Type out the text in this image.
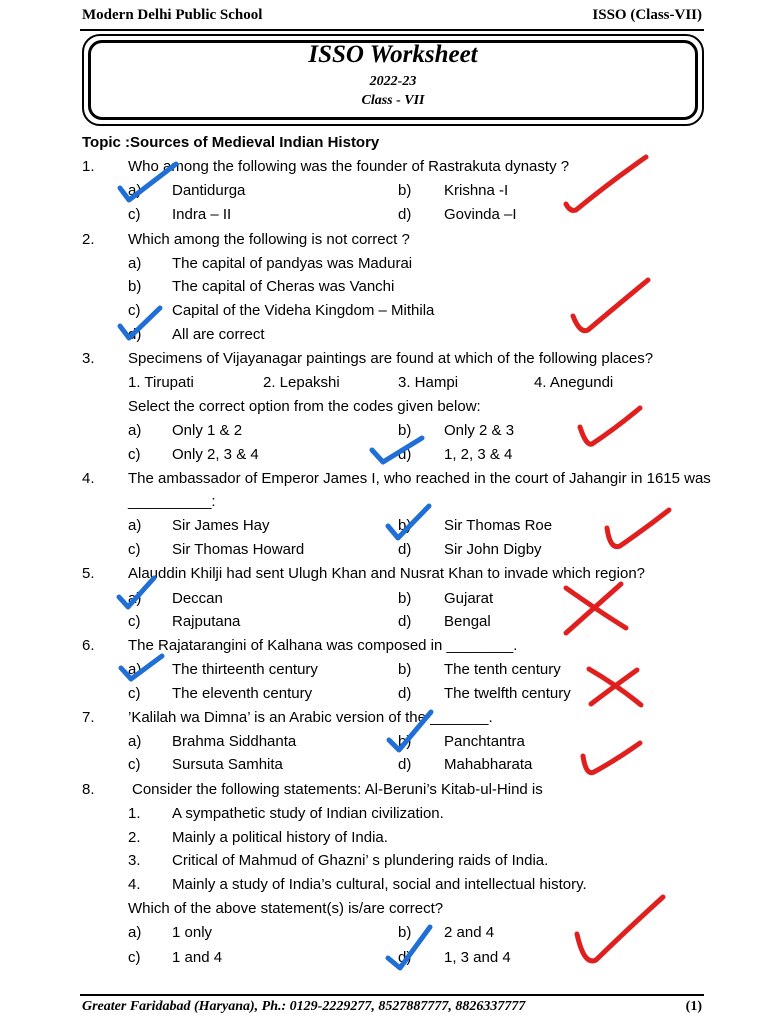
Modern Delhi Public School	ISSO (Class-VII)
ISSO Worksheet
2022-23
Class - VII
Topic :Sources of Medieval Indian History
1. Who among the following was the founder of Rastrakuta dynasty ?
a) Dantidurga	b) Krishna -I
c) Indra – II	d) Govinda –I
2. Which among the following is not correct ?
a) The capital of pandyas was Madurai
b) The capital of Cheras was Vanchi
c) Capital of the Videha Kingdom – Mithila
d) All are correct
3. Specimens of Vijayanagar paintings are found at which of the following places?
1. Tirupati	2. Lepakshi	3. Hampi	4. Anegundi
Select the correct option from the codes given below:
a) Only 1 & 2	b) Only 2 & 3
c) Only 2, 3 & 4	d) 1, 2, 3 & 4
4. The ambassador of Emperor James I, who reached in the court of Jahangir in 1615 was
__________:
a) Sir James Hay	b) Sir Thomas Roe
c) Sir Thomas Howard	d) Sir John Digby
5. Alauddin Khilji had sent Ulugh Khan and Nusrat Khan to invade which region?
a) Deccan	b) Gujarat
c) Rajputana	d) Bengal
6. The Rajatarangini of Kalhana was composed in ________.
a) The thirteenth century	b) The tenth century
c) The eleventh century	d) The twelfth century
7. ’Kalilah wa Dimna’ is an Arabic version of the _______.
a) Brahma Siddhanta	b) Panchtantra
c) Sursuta Samhita	d) Mahabharata
8. Consider the following statements: Al-Beruni’s Kitab-ul-Hind is
1. A sympathetic study of Indian civilization.
2. Mainly a political history of India.
3. Critical of Mahmud of Ghazni’ s plundering raids of India.
4. Mainly a study of India’s cultural, social and intellectual history.
Which of the above statement(s) is/are correct?
a) 1 only	b) 2 and 4
c) 1 and 4	d) 1, 3 and 4
Greater Faridabad (Haryana), Ph.: 0129-2229277, 8527887777, 8826337777	(1)
